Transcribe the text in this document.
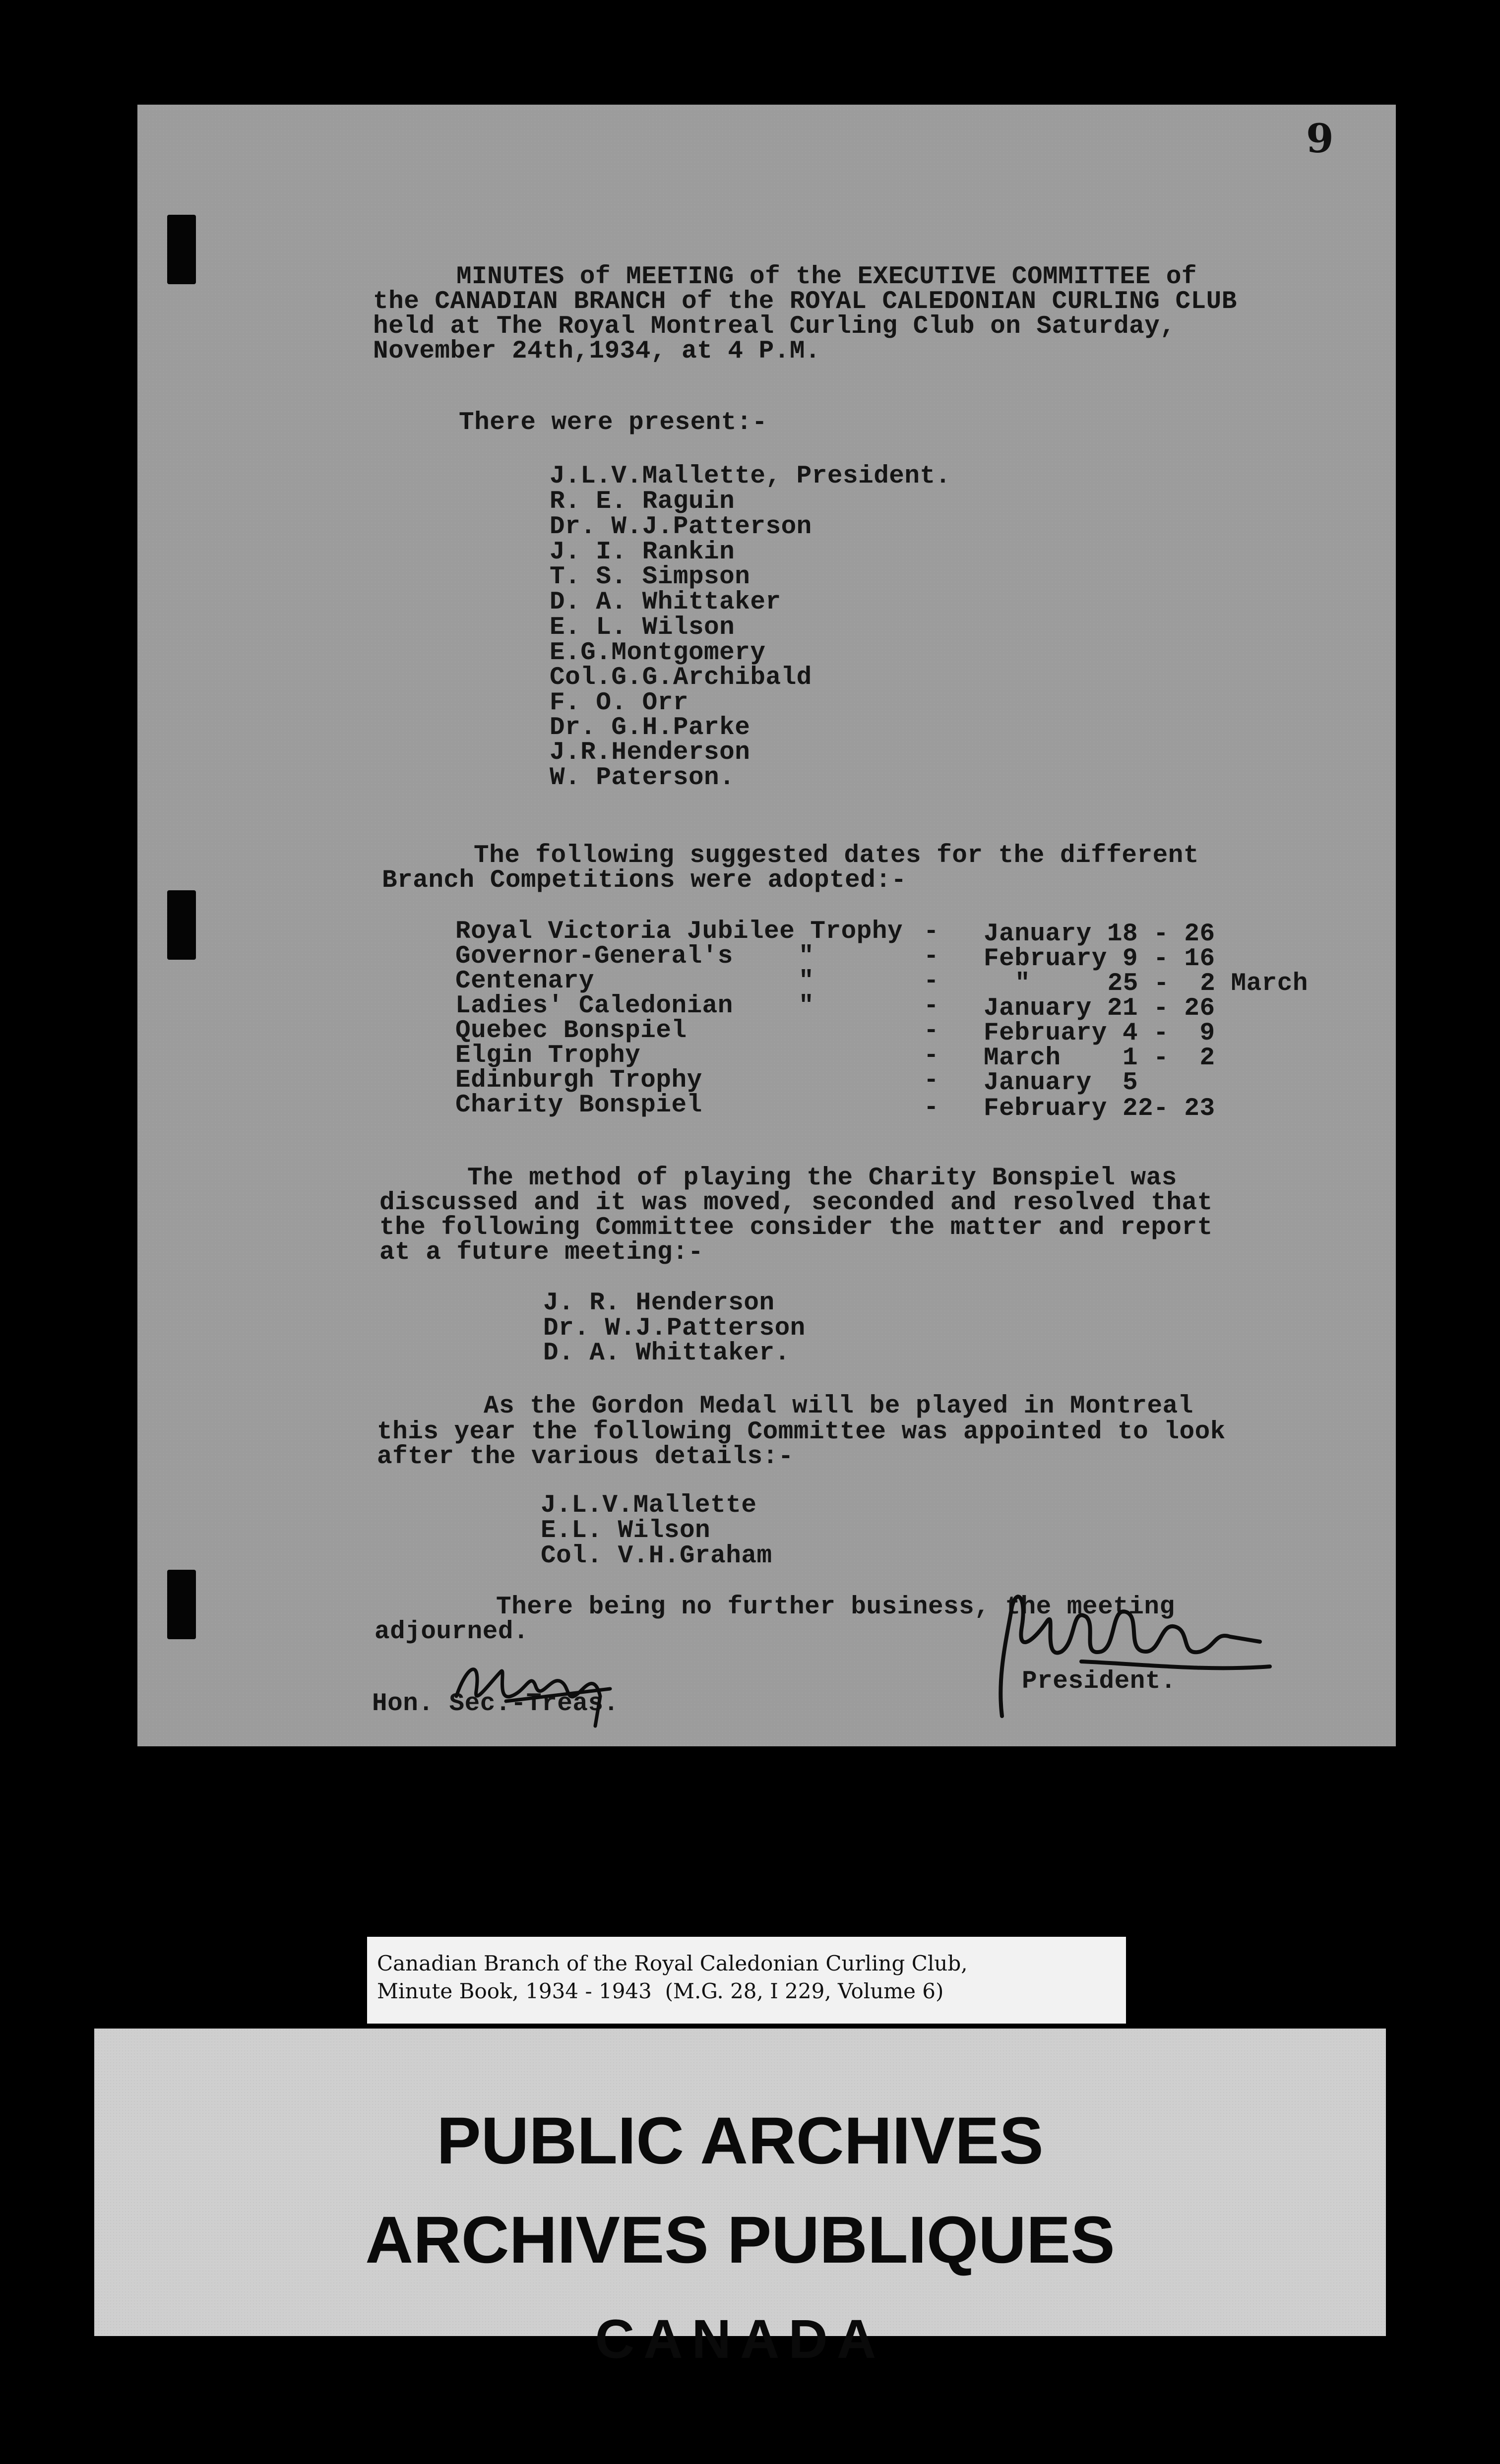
9
MINUTES of MEETING of the EXECUTIVE COMMITTEE of
the CANADIAN BRANCH of the ROYAL CALEDONIAN CURLING CLUB
held at The Royal Montreal Curling Club on Saturday,
November 24th,1934, at 4 P.M.
There were present:-
J.L.V.Mallette, President.
R. E. Raguin
Dr. W.J.Patterson
J. I. Rankin
T. S. Simpson
D. A. Whittaker
E. L. Wilson
E.G.Montgomery
Col.G.G.Archibald
F. O. Orr
Dr. G.H.Parke
J.R.Henderson
W. Paterson.
The following suggested dates for the different
Branch Competitions were adopted:-
Royal Victoria Jubilee Trophy - January 18 - 26
Governor-General's	"	- February 9 - 16
Centenary	"	-	"     25 -  2 March
Ladies' Caledonian	"	- January 21 - 26
Quebec Bonspiel	- February 4 -  9
Elgin Trophy	- March    1 -  2
Edinburgh Trophy	- January  5
Charity Bonspiel	- February 22- 23
The method of playing the Charity Bonspiel was
discussed and it was moved, seconded and resolved that
the following Committee consider the matter and report
at a future meeting:-
J. R. Henderson
Dr. W.J.Patterson
D. A. Whittaker.
As the Gordon Medal will be played in Montreal
this year the following Committee was appointed to look
after the various details:-
J.L.V.Mallette
E.L. Wilson
Col. V.H.Graham
There being no further business, the meeting
adjourned.
Hon. Sec.-Treas.
President.
Canadian Branch of the Royal Caledonian Curling Club,
Minute Book, 1934 - 1943  (M.G. 28, I 229, Volume 6)
PUBLIC ARCHIVES
ARCHIVES PUBLIQUES
CANADA
